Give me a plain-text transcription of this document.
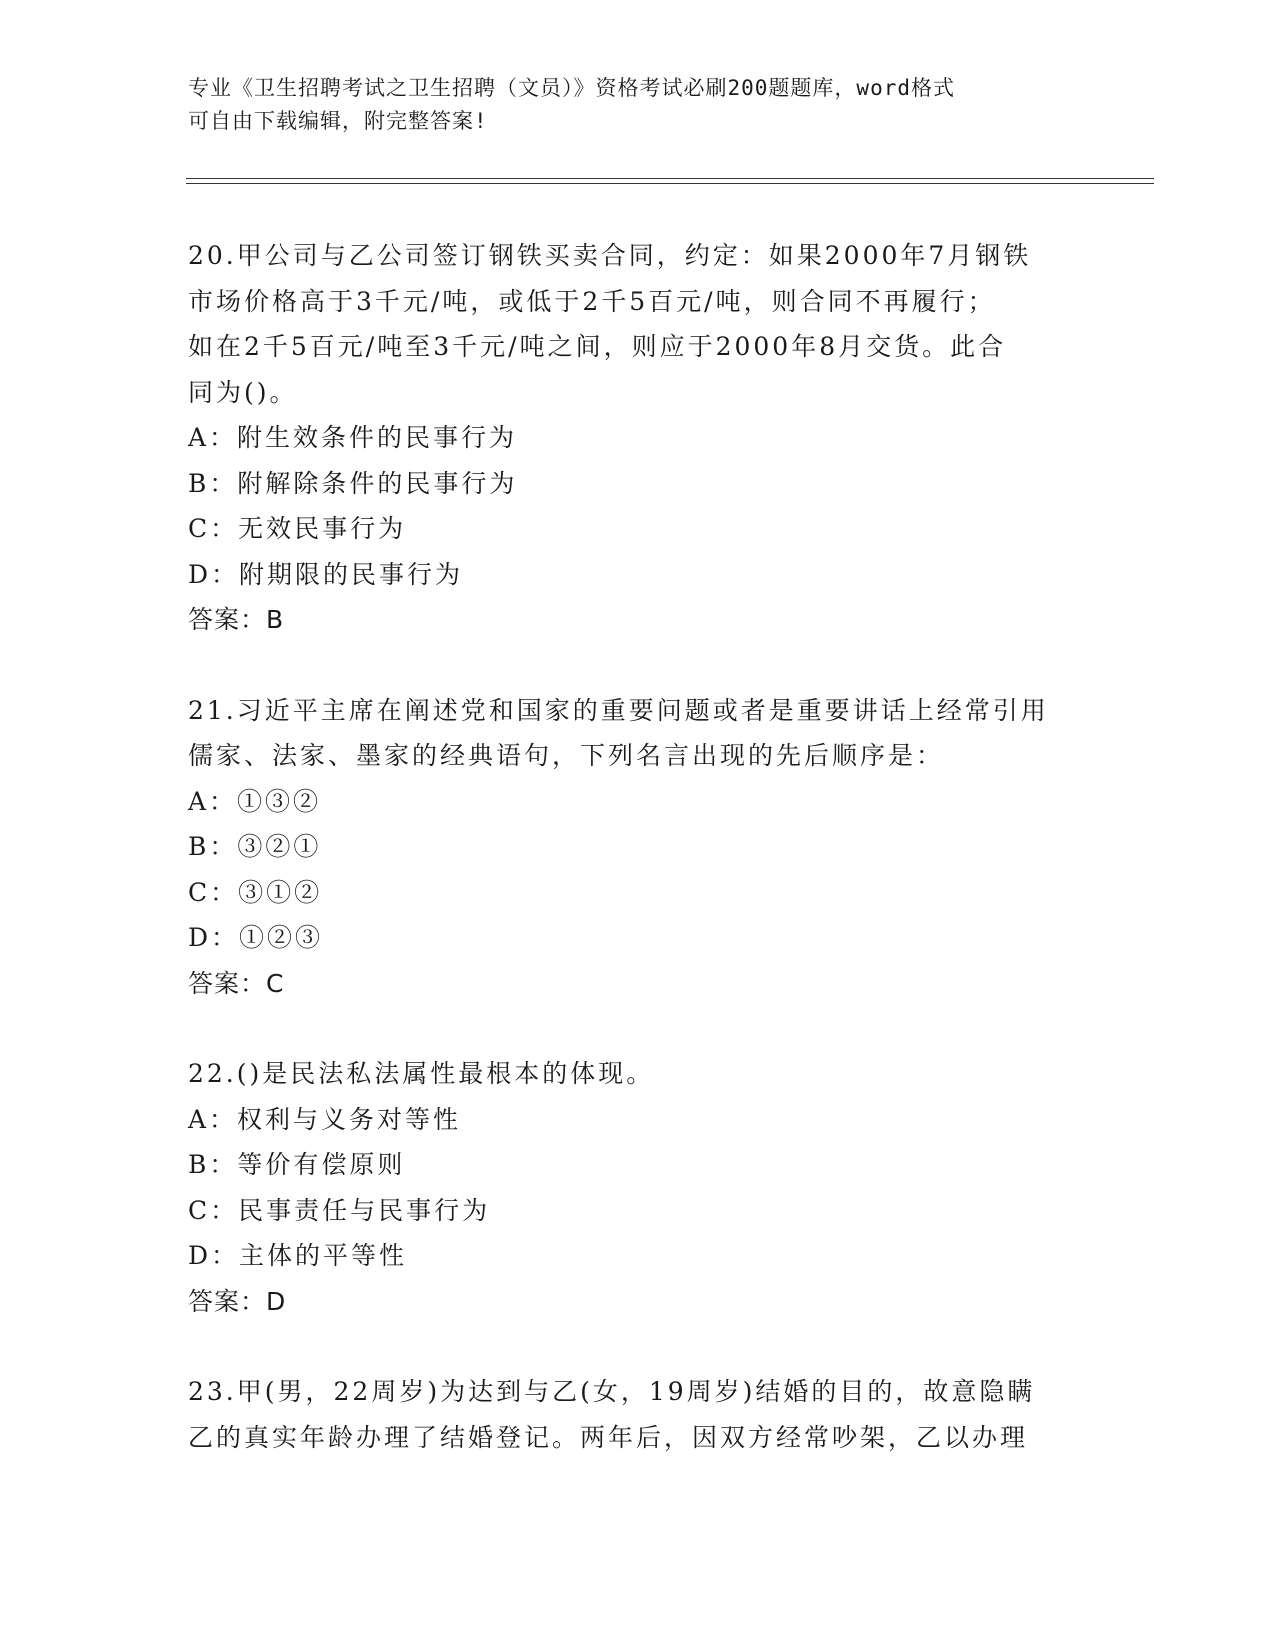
专业《卫生招聘考试之卫生招聘（文员）》资格考试必刷200题题库，word格式
可自由下载编辑，附完整答案!
20.甲公司与乙公司签订钢铁买卖合同，约定：如果2000年7月钢铁
市场价格高于3千元/吨，或低于2千5百元/吨，则合同不再履行；
如在2千5百元/吨至3千元/吨之间，则应于2000年8月交货。此合
同为()。
A：附生效条件的民事行为
B：附解除条件的民事行为
C：无效民事行为
D：附期限的民事行为
答案：B
21.习近平主席在阐述党和国家的重要问题或者是重要讲话上经常引用
儒家、法家、墨家的经典语句，下列名言出现的先后顺序是：
A：①③②
B：③②①
C：③①②
D：①②③
答案：C
22.()是民法私法属性最根本的体现。
A：权利与义务对等性
B：等价有偿原则
C：民事责任与民事行为
D：主体的平等性
答案：D
23.甲(男，22周岁)为达到与乙(女，19周岁)结婚的目的，故意隐瞒
乙的真实年龄办理了结婚登记。两年后，因双方经常吵架，乙以办理
